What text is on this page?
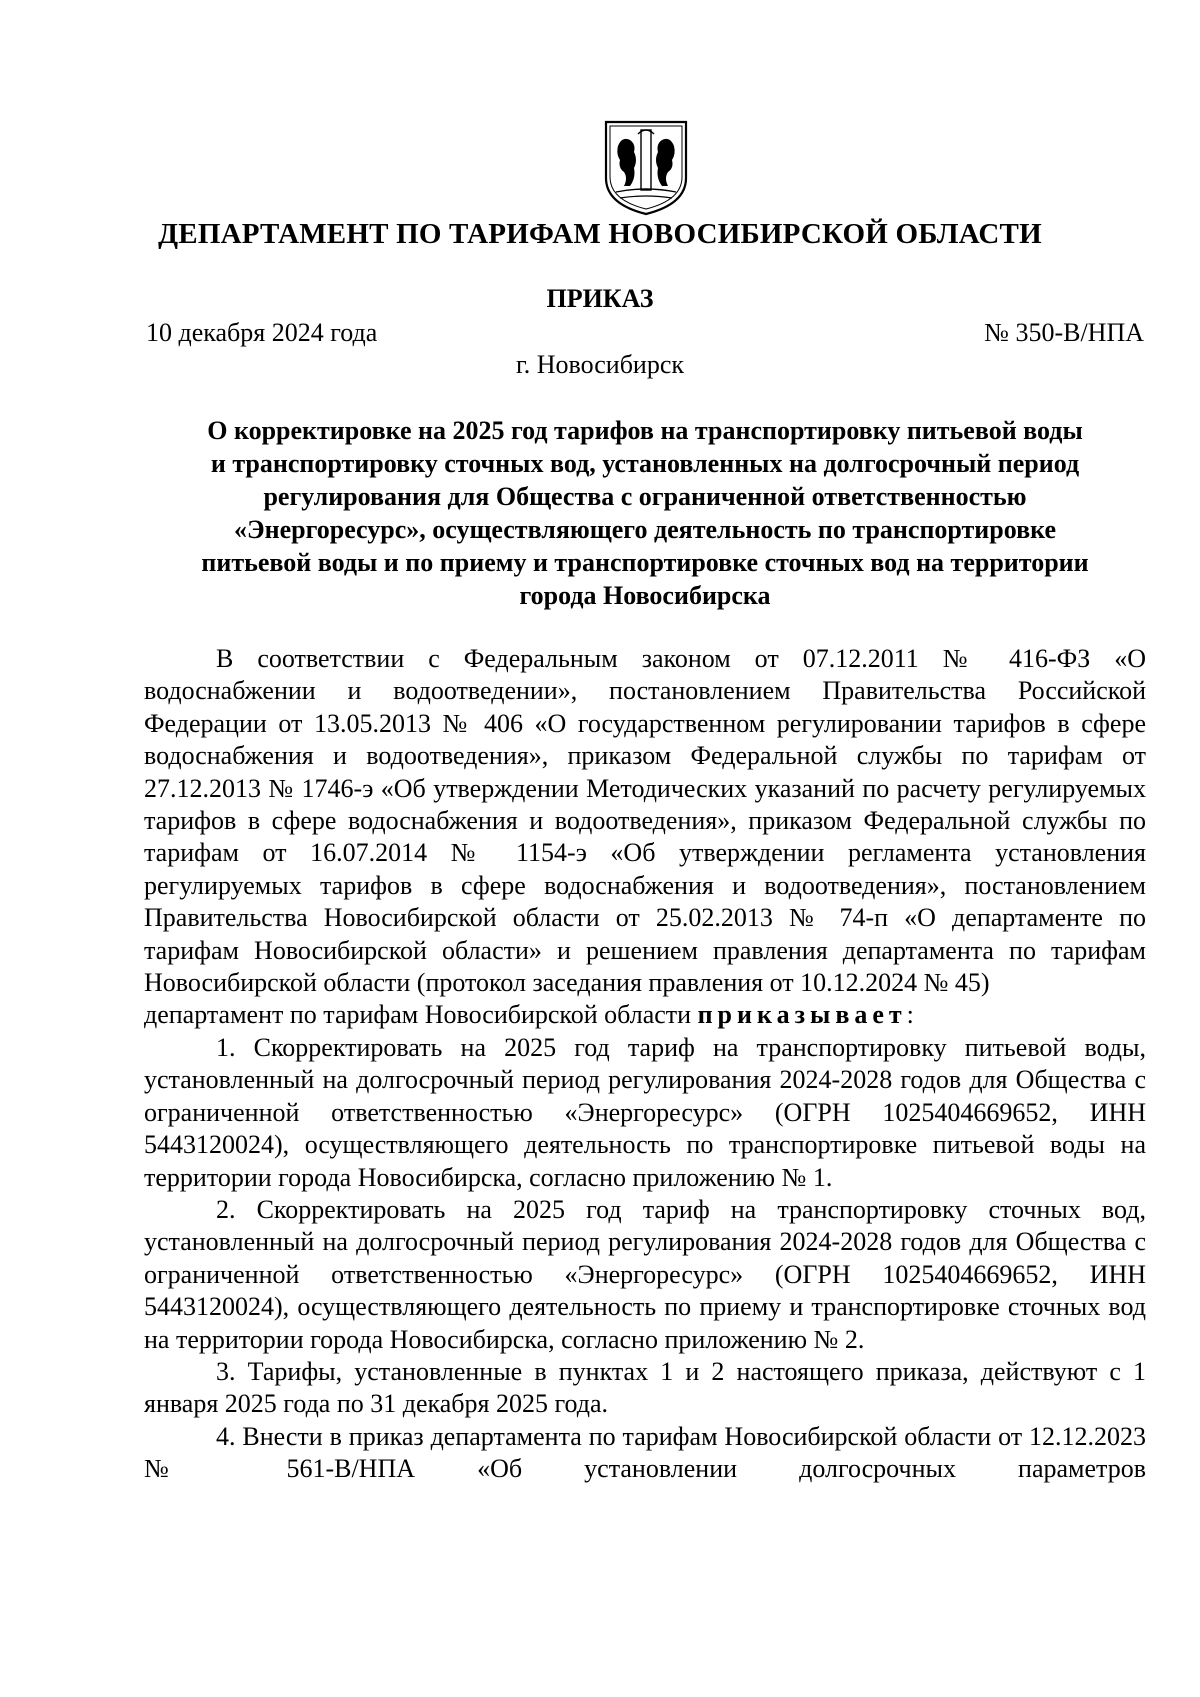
ДЕПАРТАМЕНТ ПО ТАРИФАМ НОВОСИБИРСКОЙ ОБЛАСТИ
ПРИКАЗ
10 декабря 2024 года	№ 350-В/НПА
г. Новосибирск
О корректировке на 2025 год тарифов на транспортировку питьевой воды
и транспортировку сточных вод, установленных на долгосрочный период
регулирования для Общества с ограниченной ответственностью
«Энергоресурс», осуществляющего деятельность по транспортировке
питьевой воды и по приему и транспортировке сточных вод на территории
города Новосибирска

В соответствии с Федеральным законом от 07.12.2011 № 416-ФЗ «О водоснабжении и водоотведении», постановлением Правительства Российской Федерации от 13.05.2013 № 406 «О государственном регулировании тарифов в сфере водоснабжения и водоотведения», приказом Федеральной службы по тарифам от 27.12.2013 № 1746-э «Об утверждении Методических указаний по расчету регулируемых тарифов в сфере водоснабжения и водоотведения», приказом Федеральной службы по тарифам от 16.07.2014 № 1154-э «Об утверждении регламента установления регулируемых тарифов в сфере водоснабжения и водоотведения», постановлением Правительства Новосибирской области от 25.02.2013 № 74-п «О департаменте по тарифам Новосибирской области» и решением правления департамента по тарифам Новосибирской области (протокол заседания правления от 10.12.2024 № 45)

департамент по тарифам Новосибирской области приказывает:

1. Скорректировать на 2025 год тариф на транспортировку питьевой воды, установленный на долгосрочный период регулирования 2024-2028 годов для Общества с ограниченной ответственностью «Энергоресурс» (ОГРН 1025404669652, ИНН 5443120024), осуществляющего деятельность по транспортировке питьевой воды на территории города Новосибирска, согласно приложению № 1.

2. Скорректировать на 2025 год тариф на транспортировку сточных вод, установленный на долгосрочный период регулирования 2024-2028 годов для Общества с ограниченной ответственностью «Энергоресурс» (ОГРН 1025404669652, ИНН 5443120024), осуществляющего деятельность по приему и транспортировке сточных вод на территории города Новосибирска, согласно приложению № 2.

3. Тарифы, установленные в пунктах 1 и 2 настоящего приказа, действуют с 1 января 2025 года по 31 декабря 2025 года.

4. Внести в приказ департамента по тарифам Новосибирской области от 12.12.2023 № 561-В/НПА «Об установлении долгосрочных параметров
